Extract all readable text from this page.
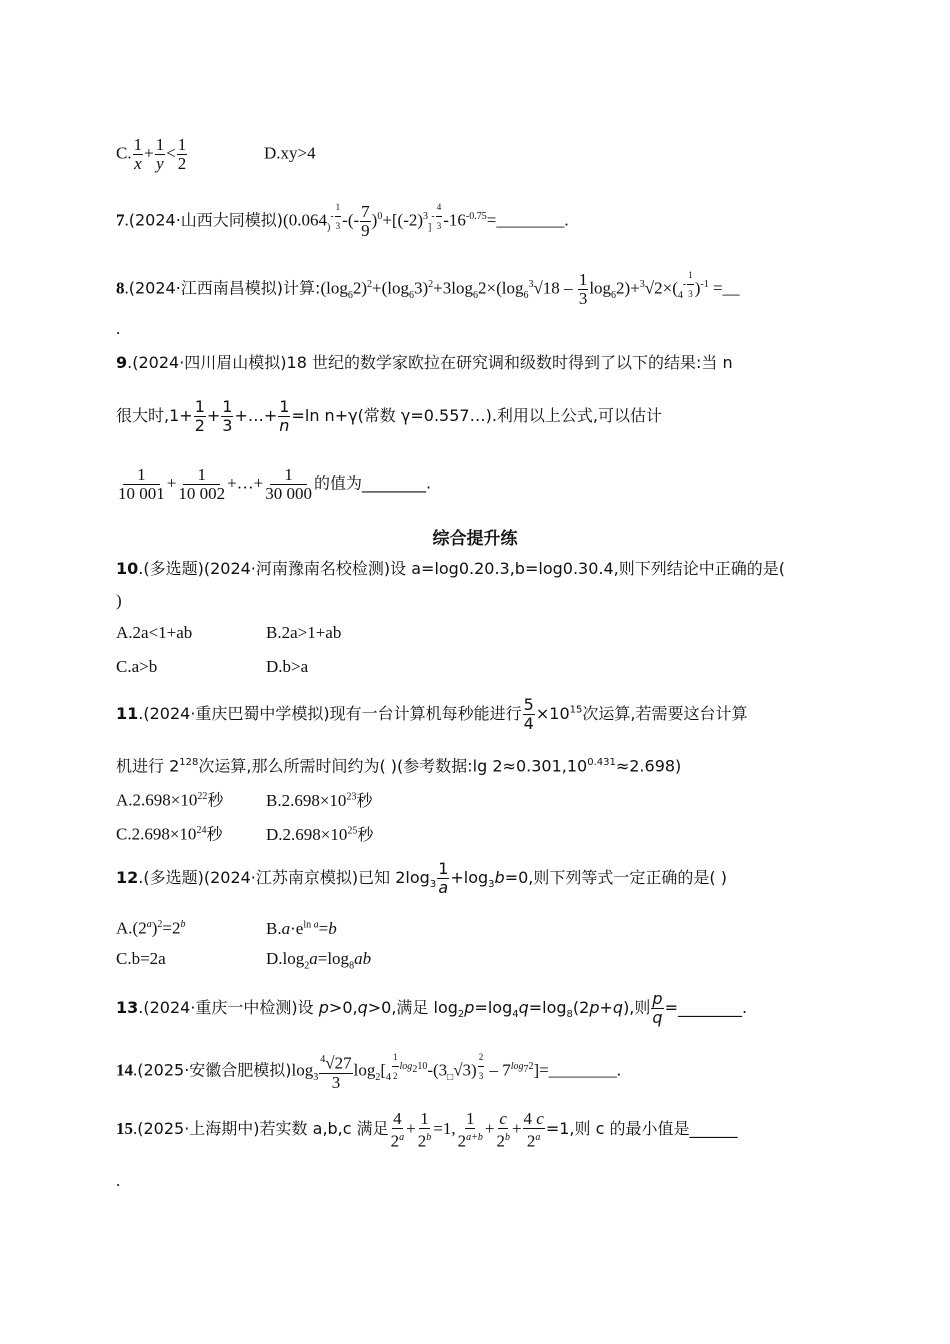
C. $\frac{1}{x} + \frac{1}{y} < \frac{1}{2}$	D.xy>4
7.(2024·山西大同模拟)($0.064_)^{- \frac{1}{3}}$ -(- $\frac{7}{9} )^0+[(-2)^3_]^{- \frac{4}{3}}$ $-16^{-0.75}=\_\_\_\_\_\_\_\_$.
8.(2024·江西南昌模拟)计算$:(\log_62)^2+(\log_63)^2+3\log_62\times(\log_6^3√18 - \frac{1}{3} \log_62)+^3√2\times(_4^{- \frac{1}{3}}$ )$^{-1}$ =__
.
9.(2024·四川眉山模拟)18 世纪的数学家欧拉在研究调和级数时得到了以下的结果:当 n
很大时$,1+ \frac{1}{2} + \frac{1}{3}$ +…+ $\frac{1}{n} =\ln$ n+γ(常数 γ=0.557…).利用以上公式,可以估计
$\frac{1}{10 001} + \frac{1}{10 002}$ +…+ $\frac{1}{30 000}$ 的值为________.
综合提升练
10.(多选题)(2024·河南豫南名校检测)设 a=log0.20.3,b=log0.30.4,则下列结论中正确的是(
)
A.2a<1+ab	B.2a>1+ab
C.a>b	D.b>a
11.(2024·重庆巴蜀中学模拟)现有一台计算机每秒能进行 $\frac{5}{4} \times 10^{15}$次运算,若需要这台计算
机进行 $2^{128}$次运算,那么所需时间约为( )(参考数据:lg $2\approx 0.301,10^{0.431}\approx 2.698$)
$A.2.698\times 10^{22}$秒	$B.2.698\times 10^{23}$秒
$C.2.698\times 10^{24}$秒	$D.2.698\times 10^{25}$秒
12.(多选题)(2024·江苏南京模拟)已知 $2\log_3 \frac{1}{a} +\log_3b=0$,则下列等式一定正确的是( )
$A.(2^a)^2=2^b$	$B.a\cdot e^{ln a}=b$
C.b=2a	$D.\log_2a=\log_8ab$
13.(2024·重庆一中检测)设 p>0,q>0,满足 $\log_2p=\log_4q=\log_8(2p+q)$,则 $\frac{p}{q}$ =________.
14.(2025·安徽合肥模拟)$\log_3 \frac{^4√27}{3} \log_2[_4$ $^{\frac{1}{2} log_210}-(3_□√3)$ $^{\frac{2}{3}} - 7^{log_72}]=\_\_\_\_\_\_\_\_$.
15.(2025·上海期中)若实数 a,b,c 满足 $\frac{4}{2^a} + \frac{1}{2^b} =1$, $\frac{1}{2^{a+b}} + \frac{c}{2^b} + \frac{4 c}{2^a} =1$,则 c 的最小值是______
.
